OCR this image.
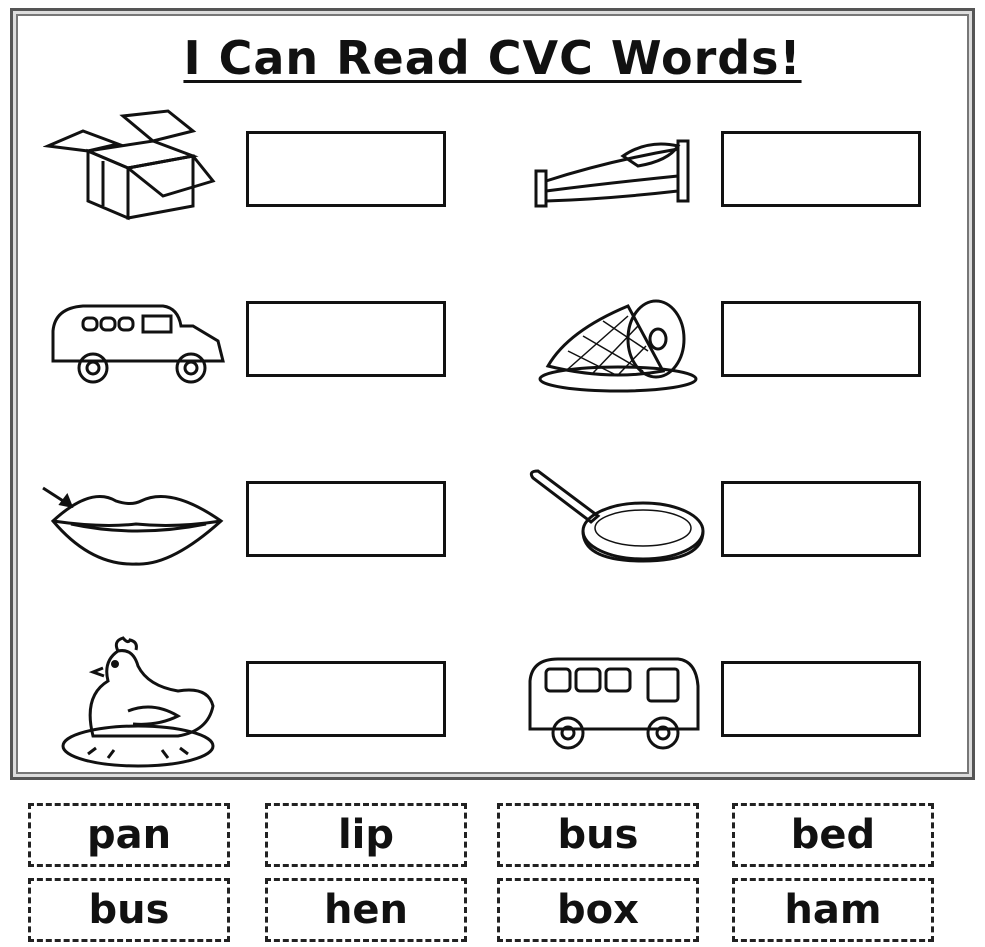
I Can Read CVC Words!
pan	lip	bus	bed
bus	hen	box	ham
